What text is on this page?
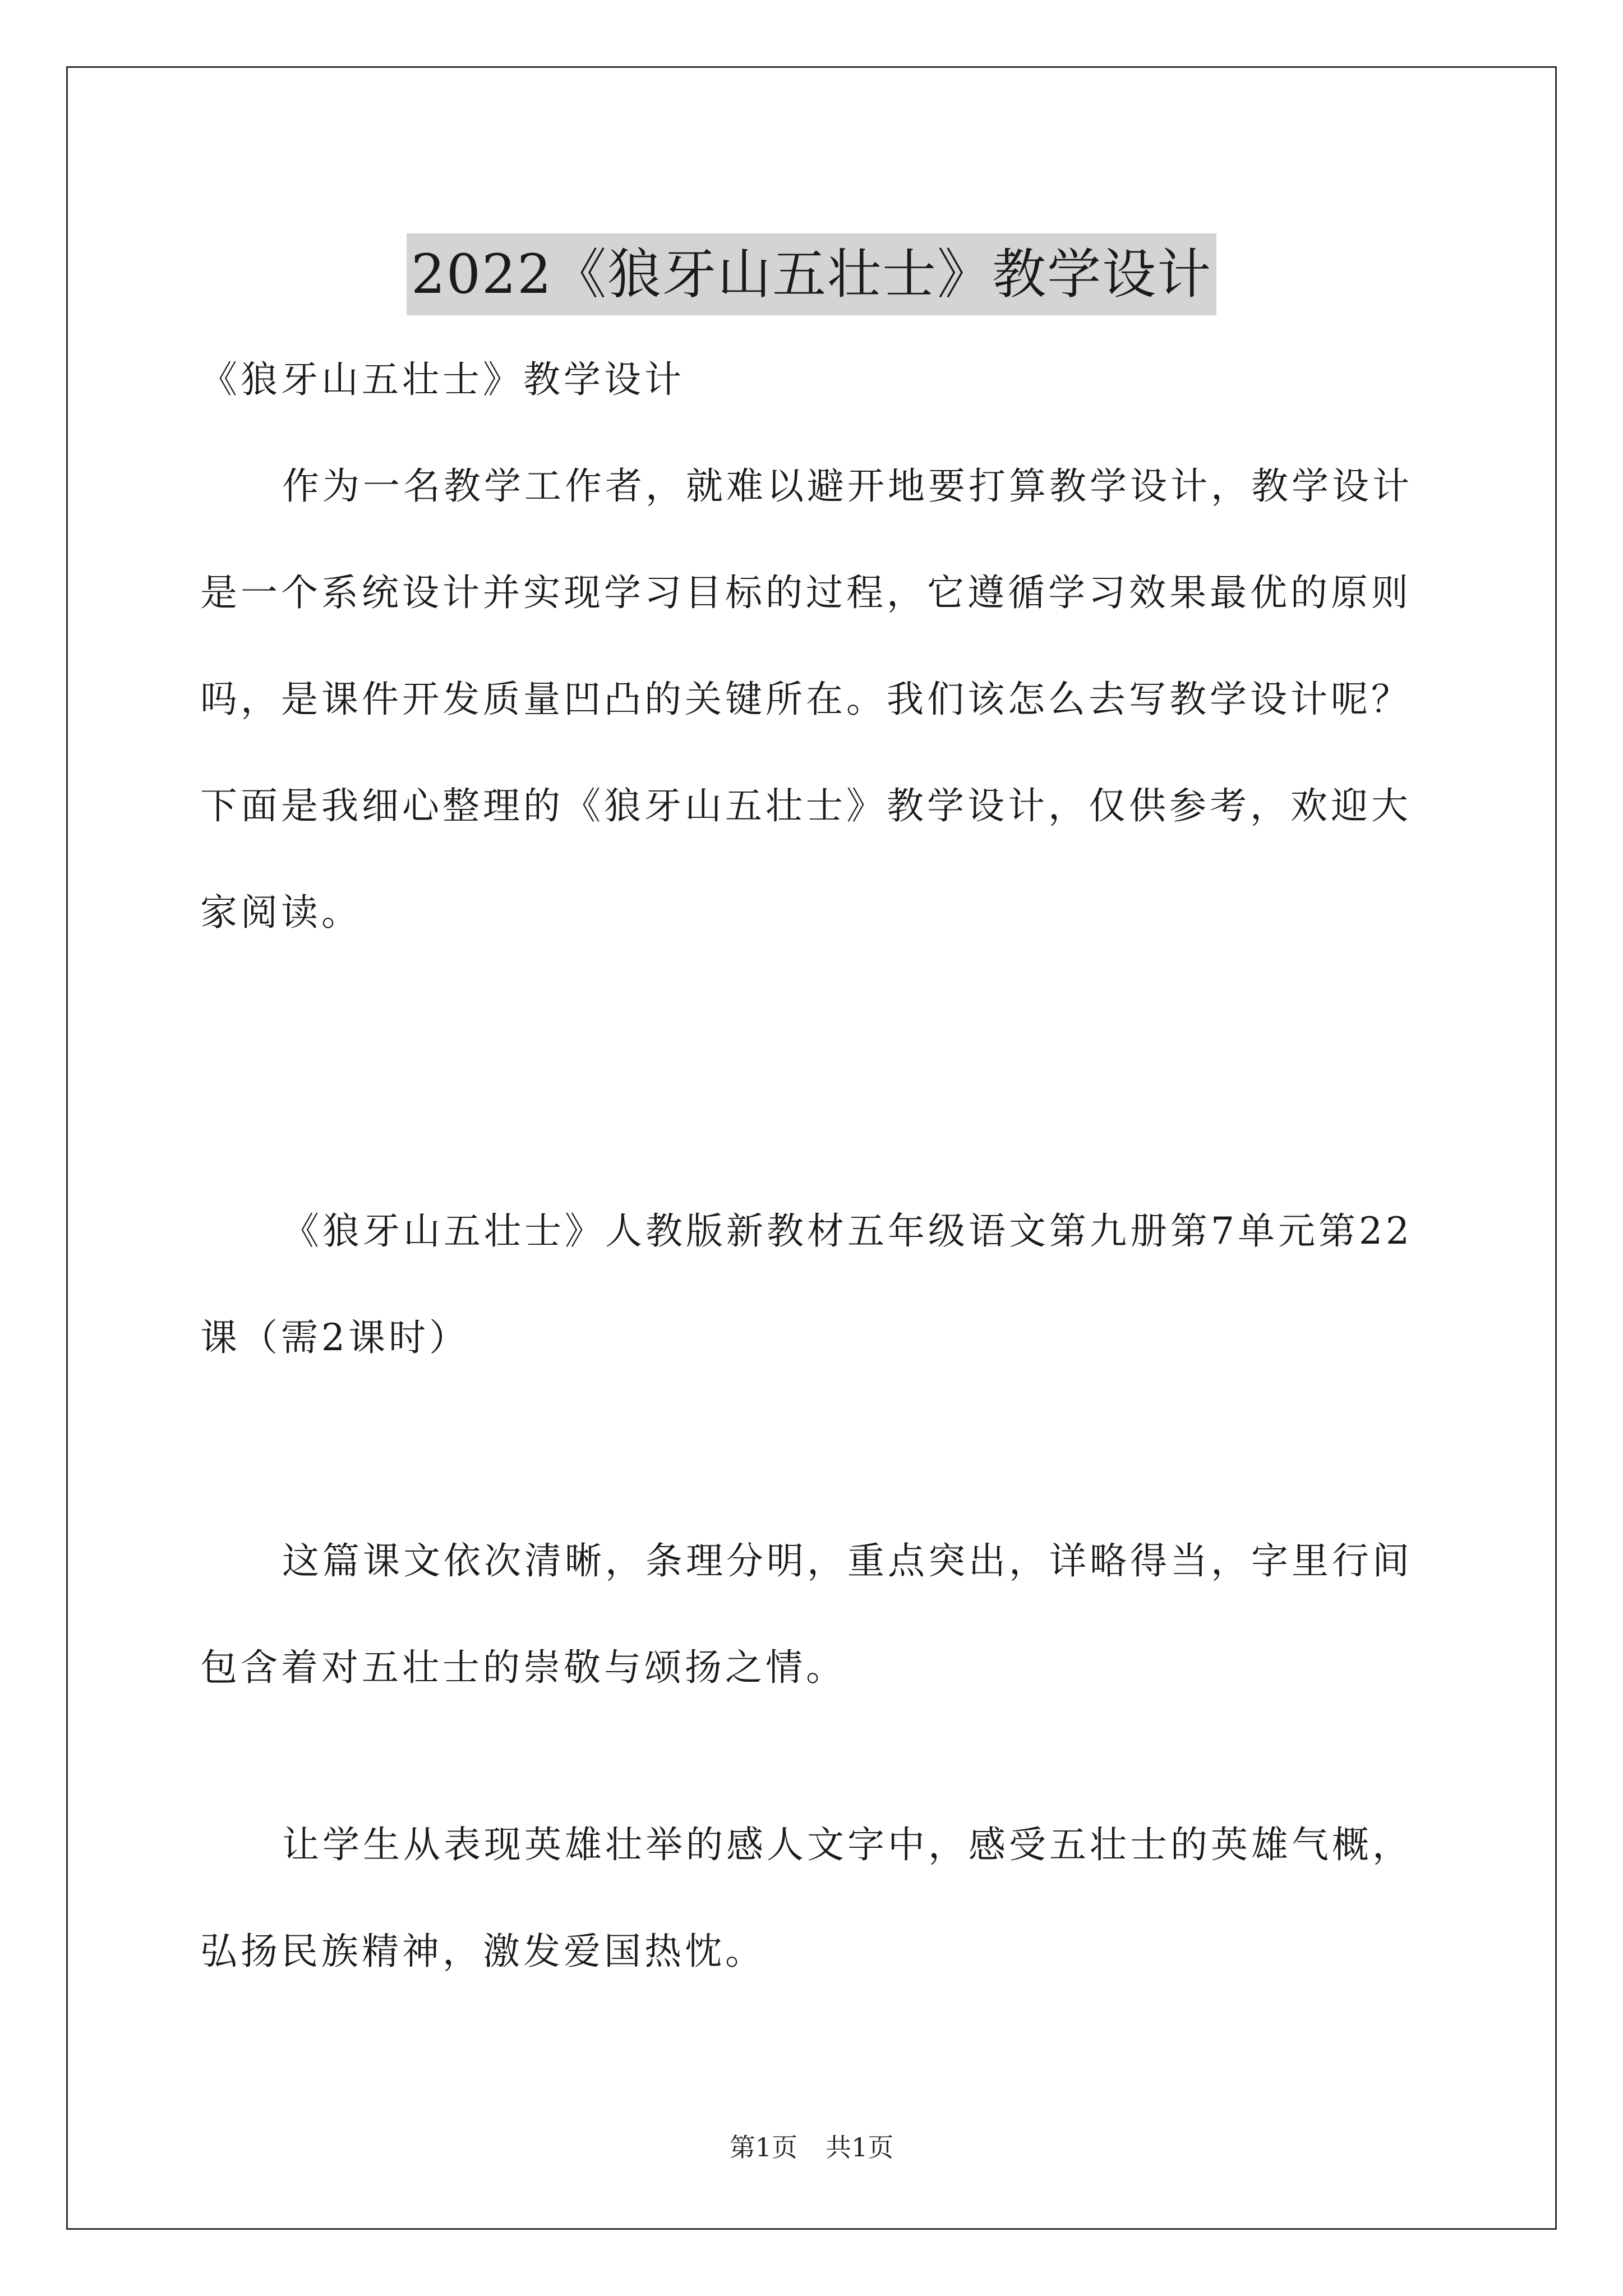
2022《狼牙山五壮士》教学设计

《狼牙山五壮士》教学设计

作为一名教学工作者，就难以避开地要打算教学设计，教学设计是一个系统设计并实现学习目标的过程，它遵循学习效果最优的原则吗，是课件开发质量凹凸的关键所在。我们该怎么去写教学设计呢？下面是我细心整理的《狼牙山五壮士》教学设计，仅供参考，欢迎大家阅读。

《狼牙山五壮士》人教版新教材五年级语文第九册第7单元第22课（需2课时）

这篇课文依次清晰，条理分明，重点突出，详略得当，字里行间包含着对五壮士的崇敬与颂扬之情。

让学生从表现英雄壮举的感人文字中，感受五壮士的英雄气概，弘扬民族精神，激发爱国热忱。

第1页 共1页
